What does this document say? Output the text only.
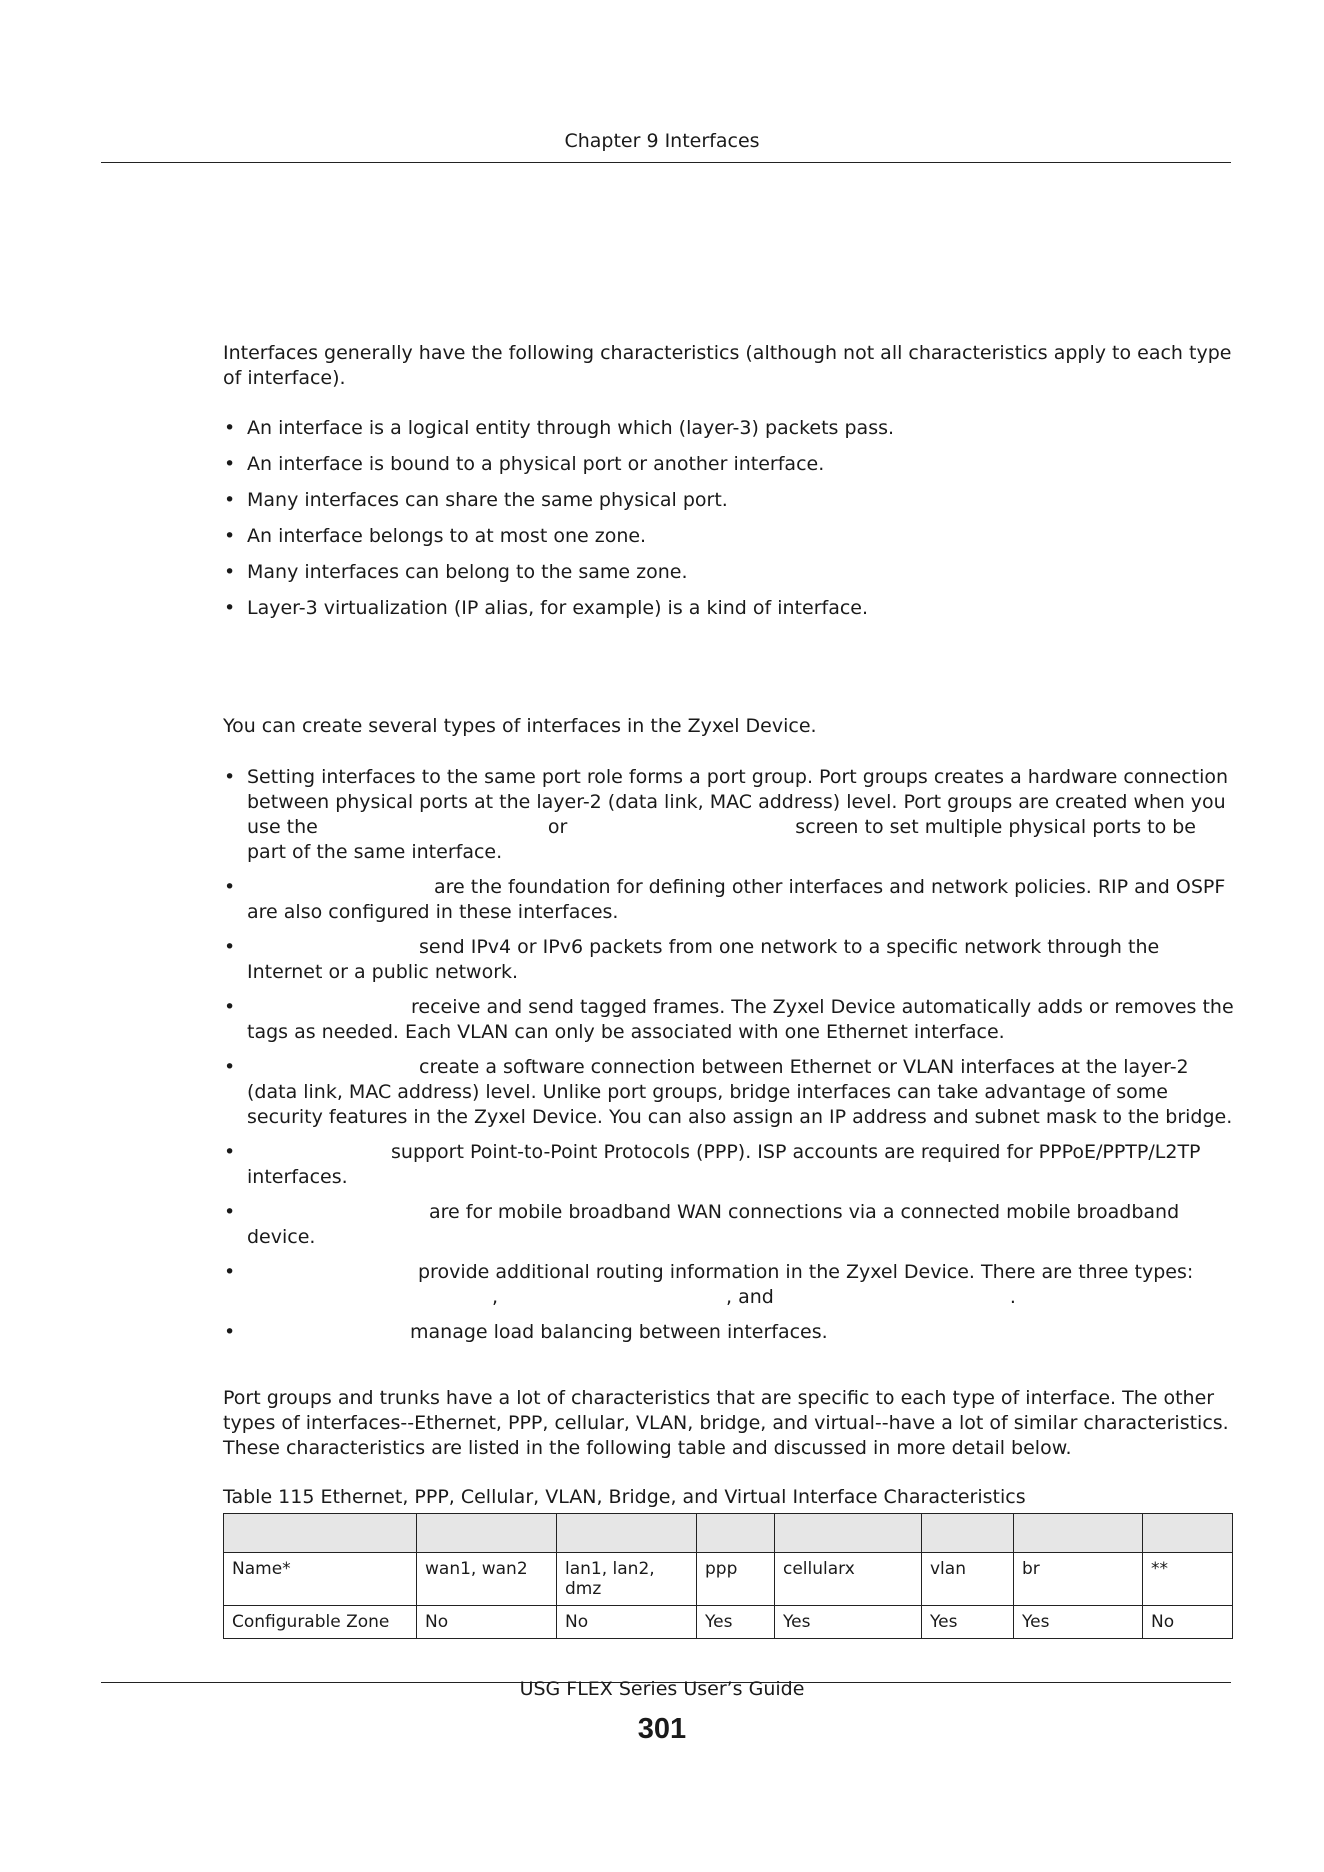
Chapter 9 Interfaces

Interfaces generally have the following characteristics (although not all characteristics apply to each type of interface).

• An interface is a logical entity through which (layer-3) packets pass.
• An interface is bound to a physical port or another interface.
• Many interfaces can share the same physical port.
• An interface belongs to at most one zone.
• Many interfaces can belong to the same zone.
• Layer-3 virtualization (IP alias, for example) is a kind of interface.

You can create several types of interfaces in the Zyxel Device.

• Setting interfaces to the same port role forms a port group. Port groups creates a hardware connection between physical ports at the layer-2 (data link, MAC address) level. Port groups are created when you use the	or	screen to set multiple physical ports to be part of the same interface.
• are the foundation for defining other interfaces and network policies. RIP and OSPF are also configured in these interfaces.
• send IPv4 or IPv6 packets from one network to a specific network through the Internet or a public network.
• receive and send tagged frames. The Zyxel Device automatically adds or removes the tags as needed. Each VLAN can only be associated with one Ethernet interface.
• create a software connection between Ethernet or VLAN interfaces at the layer-2 (data link, MAC address) level. Unlike port groups, bridge interfaces can take advantage of some security features in the Zyxel Device. You can also assign an IP address and subnet mask to the bridge.
• support Point-to-Point Protocols (PPP). ISP accounts are required for PPPoE/PPTP/L2TP interfaces.
• are for mobile broadband WAN connections via a connected mobile broadband device.
• provide additional routing information in the Zyxel Device. There are three types:
,	, and	.
• manage load balancing between interfaces.

Port groups and trunks have a lot of characteristics that are specific to each type of interface. The other types of interfaces--Ethernet, PPP, cellular, VLAN, bridge, and virtual--have a lot of similar characteristics. These characteristics are listed in the following table and discussed in more detail below.

Table 115 Ethernet, PPP, Cellular, VLAN, Bridge, and Virtual Interface Characteristics

Name*	wan1, wan2	lan1, lan2, dmz	ppp	cellularx	vlan	br	**
Configurable Zone	No	No	Yes	Yes	Yes	Yes	No
USG FLEX Series User’s Guide
301
